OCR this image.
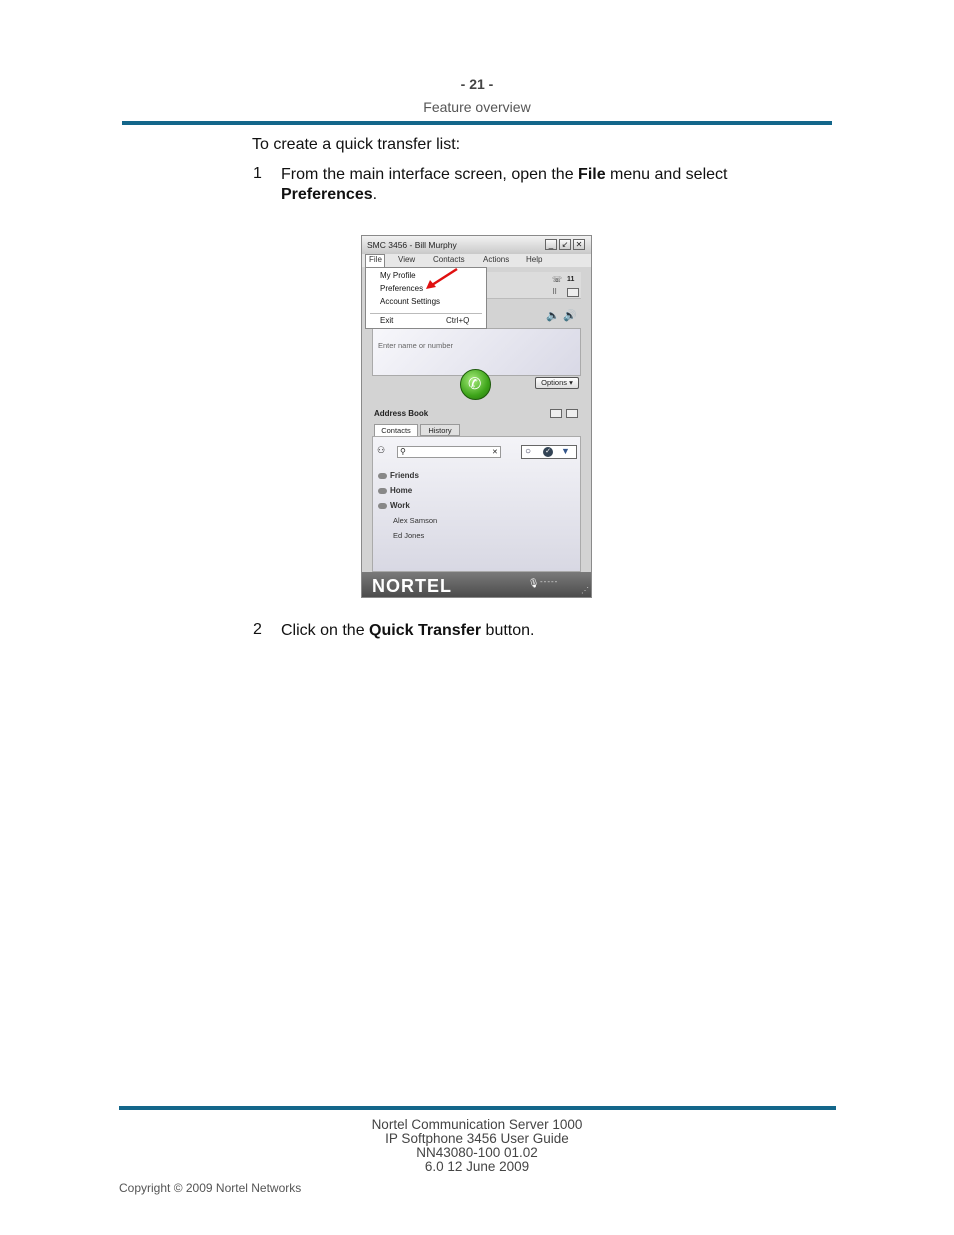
- 21 -
Feature overview
To create a quick transfer list:
1 From the main interface screen, open the File menu and select
Preferences.
SMC 3456 - Bill Murphy	_	↙ ✕
File View Contacts Actions Help
☏ 11
⠿
My Profile
Preferences
Account Settings
Exit	Ctrl+Q	🔈 🔊
Enter name or number
✆	Options ▾
Address Book
Contacts	History
⚇ ⚲	✕	○ ✓ ▼
Friends
Home
Work
Alex Samson
Ed Jones
NORTEL	🎙 -----
⋰
2 Click on the Quick Transfer button.
Nortel Communication Server 1000
IP Softphone 3456 User Guide
NN43080-100 01.02
6.0 12 June 2009
Copyright © 2009 Nortel Networks
